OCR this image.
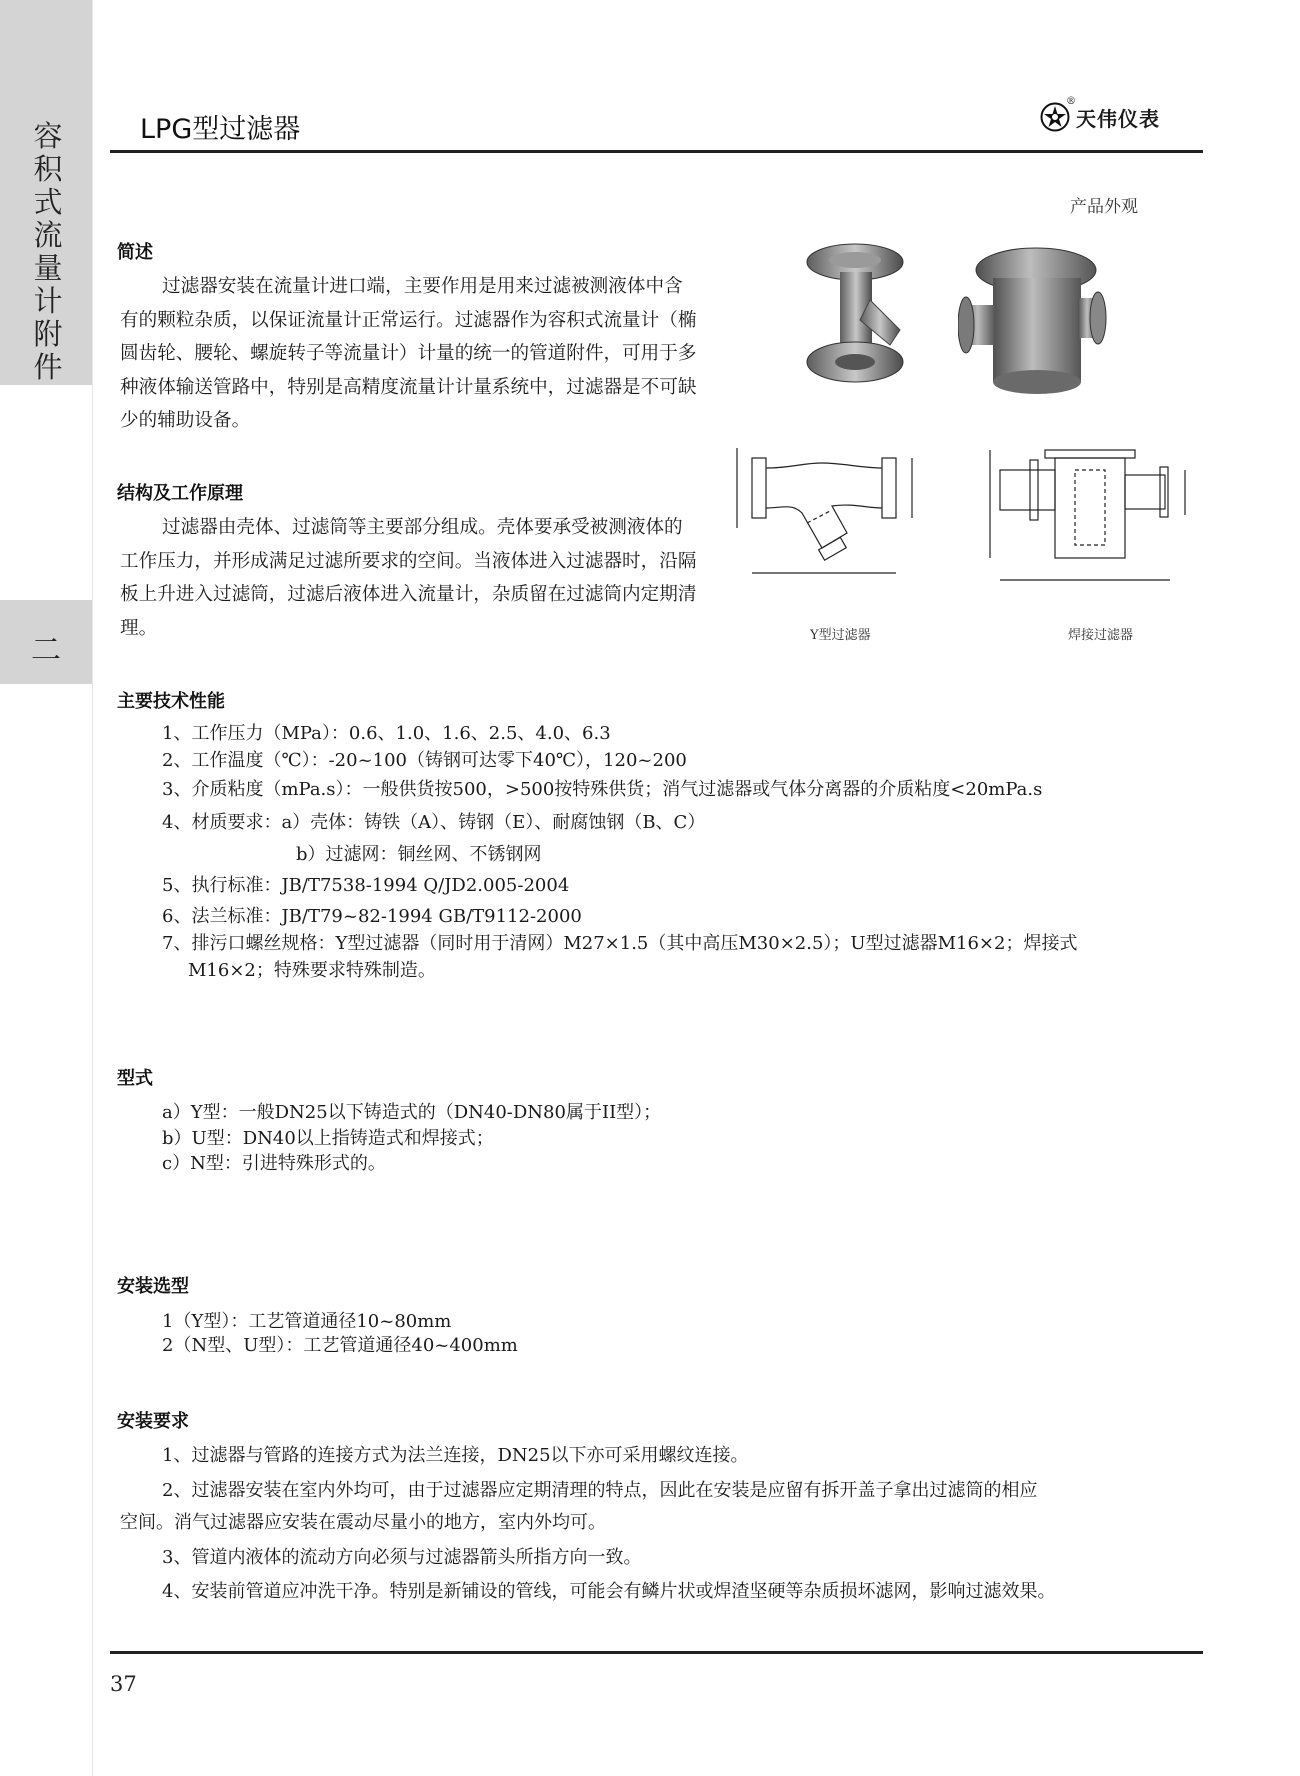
容积式流量计附件
二
LPG型过滤器
®
天伟仪表
产品外观
简述
过滤器安装在流量计进口端，主要作用是用来过滤被测液体中含有的颗粒杂质，以保证流量计正常运行。过滤器作为容积式流量计（椭圆齿轮、腰轮、螺旋转子等流量计）计量的统一的管道附件，可用于多种液体输送管路中，特别是高精度流量计计量系统中，过滤器是不可缺少的辅助设备。
Y型过滤器	焊接过滤器
结构及工作原理
过滤器由壳体、过滤筒等主要部分组成。壳体要承受被测液体的工作压力，并形成满足过滤所要求的空间。当液体进入过滤器时，沿隔板上升进入过滤筒，过滤后液体进入流量计，杂质留在过滤筒内定期清理。
主要技术性能
1、工作压力（MPa）：0.6、1.0、1.6、2.5、4.0、6.3
2、工作温度（℃）：-20~100（铸钢可达零下40℃），120~200
3、介质粘度（mPa.s）：一般供货按500，>500按特殊供货；消气过滤器或气体分离器的介质粘度<20mPa.s
4、材质要求：a）壳体：铸铁（A）、铸钢（E）、耐腐蚀钢（B、C）
b）过滤网：铜丝网、不锈钢网
5、执行标准：JB/T7538-1994 Q/JD2.005-2004
6、法兰标准：JB/T79~82-1994 GB/T9112-2000
7、排污口螺丝规格：Y型过滤器（同时用于清网）M27×1.5（其中高压M30×2.5）；U型过滤器M16×2；焊接式
M16×2；特殊要求特殊制造。
型式
a）Y型：一般DN25以下铸造式的（DN40-DN80属于II型）；
b）U型：DN40以上指铸造式和焊接式；
c）N型：引进特殊形式的。
安装选型
1（Y型）：工艺管道通径10~80mm
2（N型、U型）：工艺管道通径40~400mm
安装要求
1、过滤器与管路的连接方式为法兰连接，DN25以下亦可采用螺纹连接。
2、过滤器安装在室内外均可，由于过滤器应定期清理的特点，因此在安装是应留有拆开盖子拿出过滤筒的相应
空间。消气过滤器应安装在震动尽量小的地方，室内外均可。
3、管道内液体的流动方向必须与过滤器箭头所指方向一致。
4、安装前管道应冲洗干净。特别是新铺设的管线，可能会有鳞片状或焊渣坚硬等杂质损坏滤网，影响过滤效果。
37
